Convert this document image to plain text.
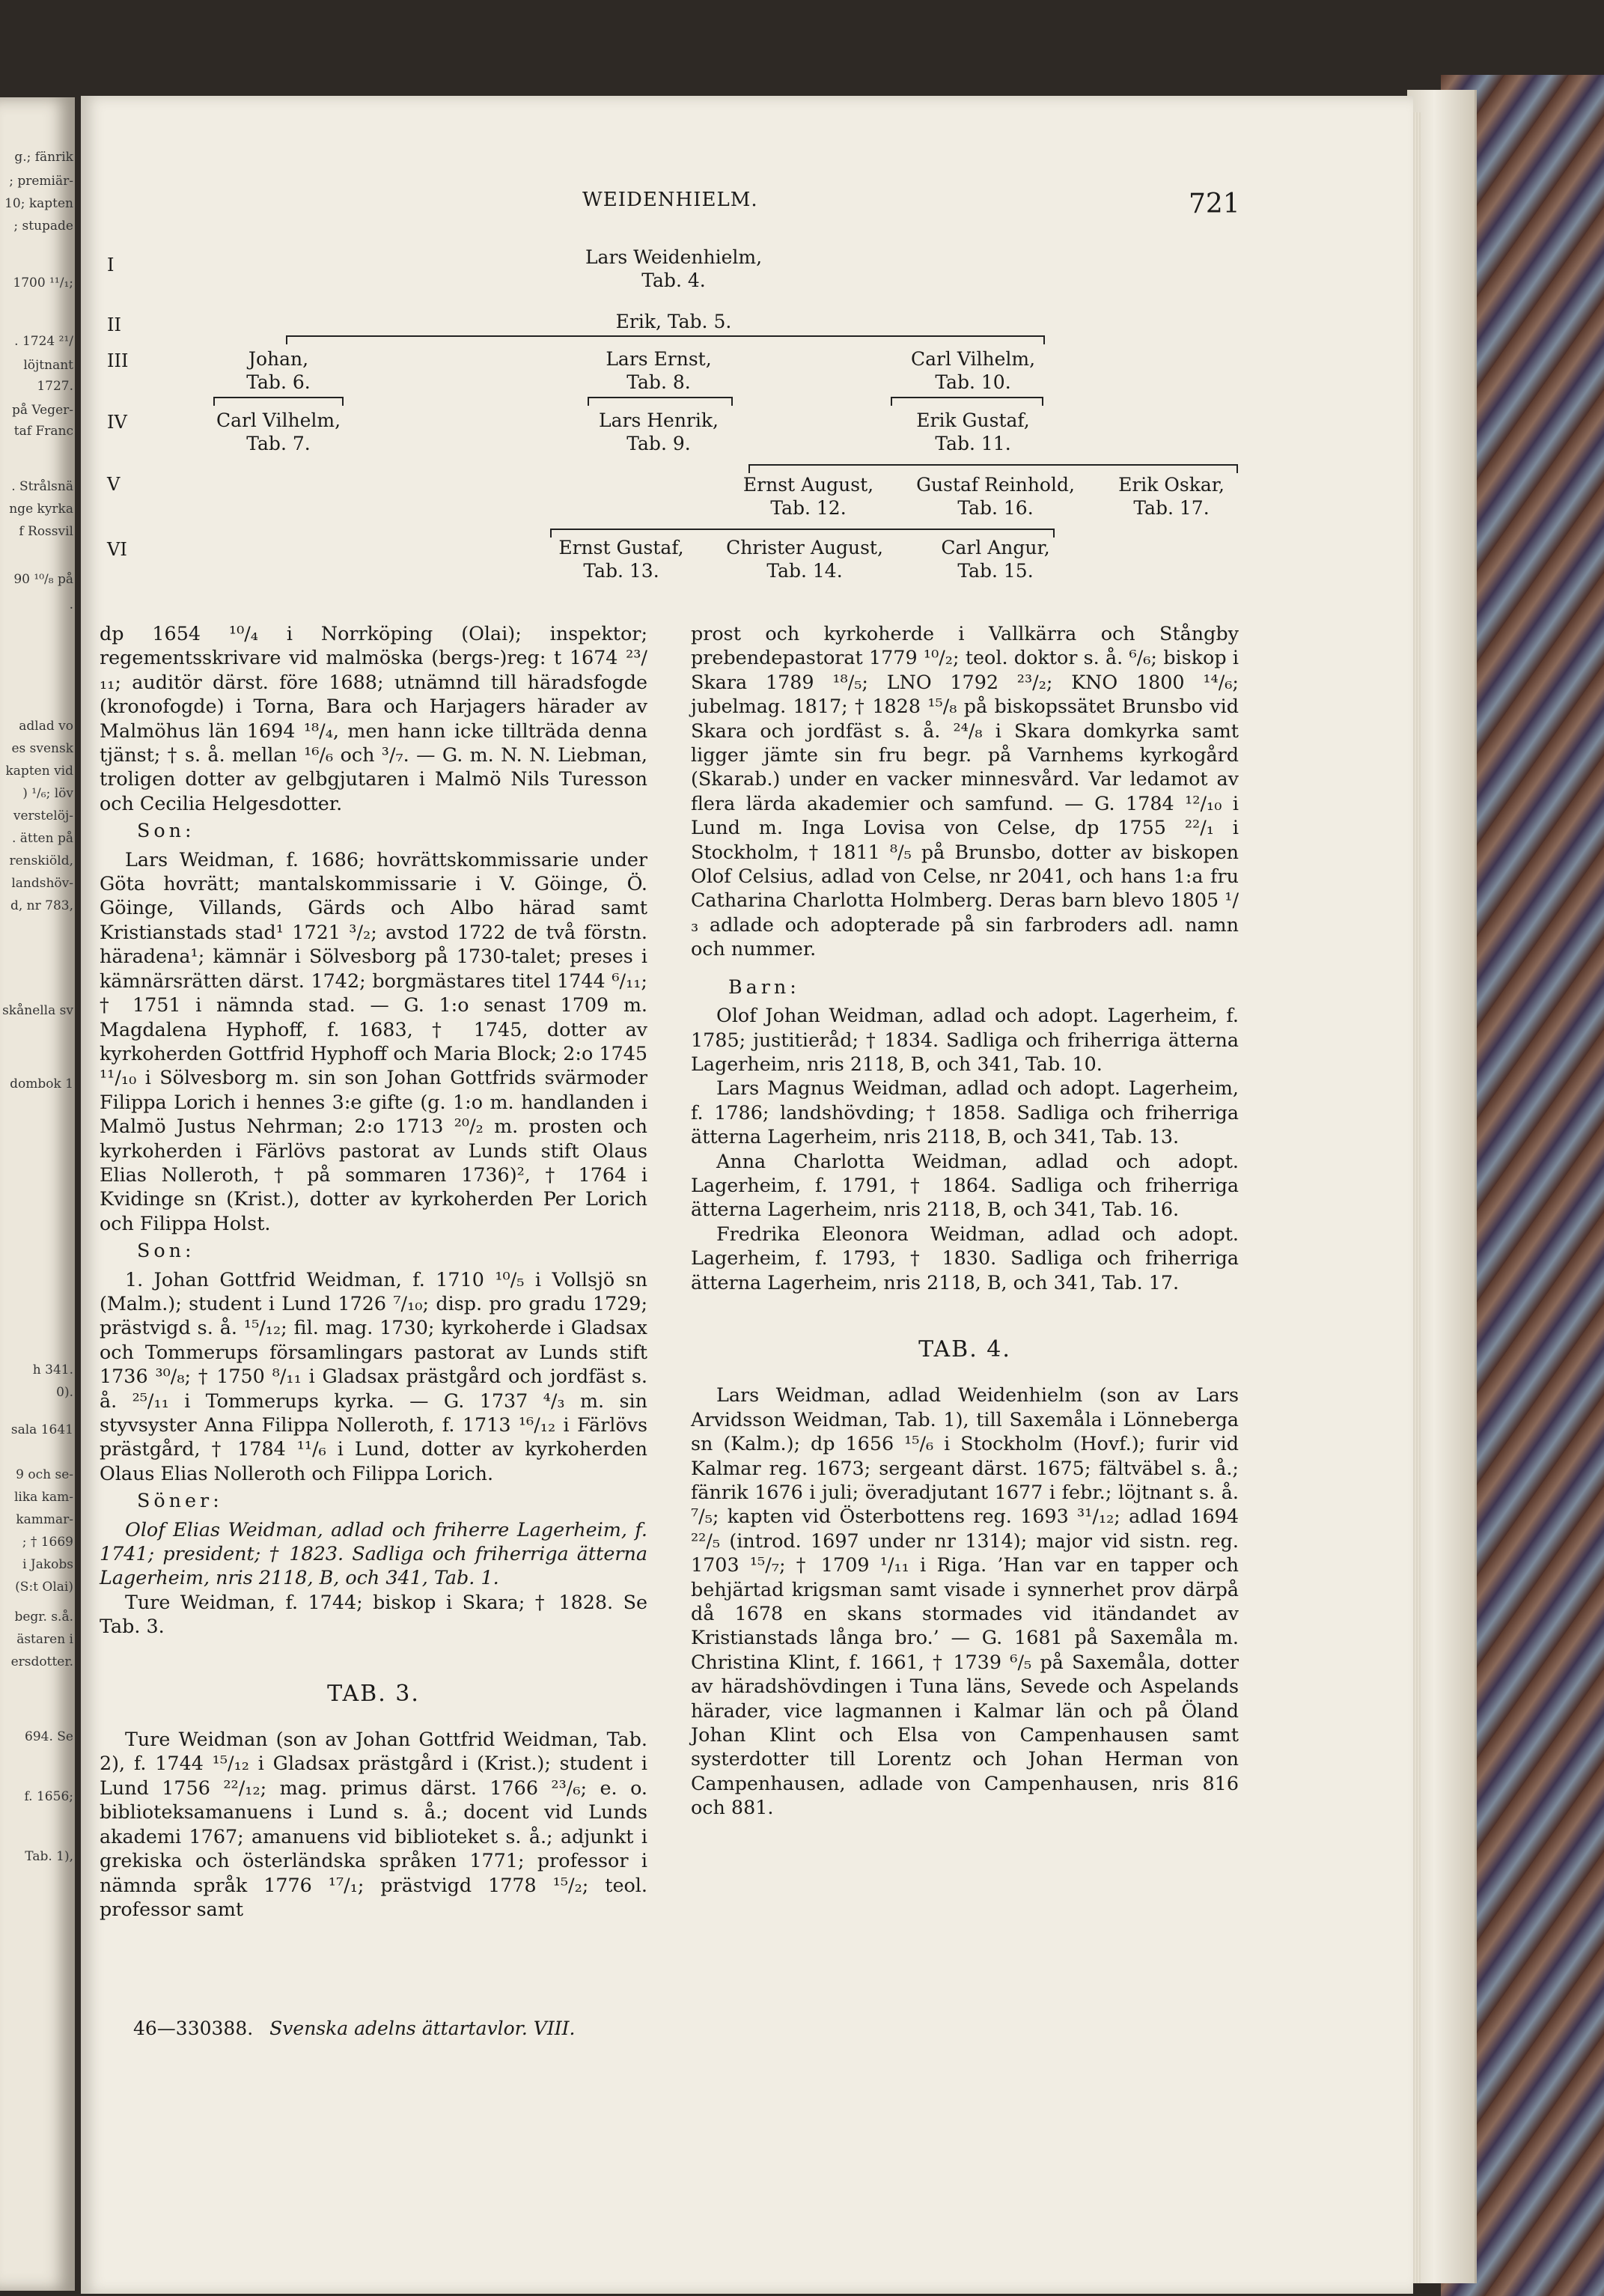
g.; fänrik
; premiär-
10; kapten
; stupade
1700 ¹¹/₁;
. 1724 ²¹/
löjtnant
1727.
på Veger-
taf Franc
. Strålsnä
nge kyrka
f Rossvil
90 ¹⁰/₈ på
.
adlad vo
es svensk
kapten vid
) ¹/₆; löv
verstelöj-
. ätten på
renskiöld,
landshöv-
d, nr 783,
skånella sv
dombok 1
h 341.
0).
sala 1641
9 och se-
lika kam-
kammar-
; † 1669
i Jakobs
(S:t Olai)
begr. s.å.
ästaren i
ersdotter.
694. Se
f. 1656;
Tab. 1),
WEIDENHIELM.	721
I
II
III
IV
V
VI
Lars Weidenhielm,
Tab. 4.
Erik, Tab. 5.
Johan,
Tab. 6.
Lars Ernst,
Tab. 8.
Carl Vilhelm,
Tab. 10.
Carl Vilhelm,
Tab. 7.
Lars Henrik,
Tab. 9.
Erik Gustaf,
Tab. 11.
Ernst August,
Tab. 12.
Gustaf Reinhold,
Tab. 16.
Erik Oskar,
Tab. 17.
Ernst Gustaf,
Tab. 13.
Christer August,
Tab. 14.
Carl Angur,
Tab. 15.

dp 1654 ¹⁰/₄ i Norrköping (Olai); inspektor; regementsskrivare vid malmöska (bergs-)reg: t 1674 ²³/₁₁; auditör därst. före 1688; utnämnd till häradsfogde (kronofogde) i Torna, Bara och Harjagers härader av Malmöhus län 1694 ¹⁸/₄, men hann icke tillträda denna tjänst; † s. å. mellan ¹⁶/₆ och ³/₇. — G. m. N. N. Liebman, troligen dotter av gelbgjutaren i Malmö Nils Turesson och Cecilia Helgesdotter.

Son:

Lars Weidman, f. 1686; hovrättskommissarie under Göta hovrätt; mantalskommissarie i V. Göinge, Ö. Göinge, Villands, Gärds och Albo härad samt Kristianstads stad¹ 1721 ³/₂; avstod 1722 de två förstn. häradena¹; kämnär i Sölvesborg på 1730-talet; preses i kämnärsrätten därst. 1742; borgmästares titel 1744 ⁶/₁₁; † 1751 i nämnda stad. — G. 1:o senast 1709 m. Magdalena Hyphoff, f. 1683, † 1745, dotter av kyrkoherden Gottfrid Hyphoff och Maria Block; 2:o 1745 ¹¹/₁₀ i Sölvesborg m. sin son Johan Gottfrids svärmoder Filippa Lorich i hennes 3:e gifte (g. 1:o m. handlanden i Malmö Justus Nehrman; 2:o 1713 ²⁰/₂ m. prosten och kyrkoherden i Färlövs pastorat av Lunds stift Olaus Elias Nolleroth, † på sommaren 1736)², † 1764 i Kvidinge sn (Krist.), dotter av kyrkoherden Per Lorich och Filippa Holst.

Son:

1. Johan Gottfrid Weidman, f. 1710 ¹⁰/₅ i Vollsjö sn (Malm.); student i Lund 1726 ⁷/₁₀; disp. pro gradu 1729; prästvigd s. å. ¹⁵/₁₂; fil. mag. 1730; kyrkoherde i Gladsax och Tommerups församlingars pastorat av Lunds stift 1736 ³⁰/₈; † 1750 ⁸/₁₁ i Gladsax prästgård och jordfäst s. å. ²⁵/₁₁ i Tommerups kyrka. — G. 1737 ⁴/₃ m. sin styvsyster Anna Filippa Nolleroth, f. 1713 ¹⁶/₁₂ i Färlövs prästgård, † 1784 ¹¹/₆ i Lund, dotter av kyrkoherden Olaus Elias Nolleroth och Filippa Lorich.

Söner:

Olof Elias Weidman, adlad och friherre Lagerheim, f. 1741; president; † 1823. Sadliga och friherriga ätterna Lagerheim, nris 2118, B, och 341, Tab. 1.

Ture Weidman, f. 1744; biskop i Skara; † 1828. Se Tab. 3.

TAB. 3.

Ture Weidman (son av Johan Gottfrid Weidman, Tab. 2), f. 1744 ¹⁵/₁₂ i Gladsax prästgård i (Krist.); student i Lund 1756 ²²/₁₂; mag. primus därst. 1766 ²³/₆; e. o. biblioteksamanuens i Lund s. å.; docent vid Lunds akademi 1767; amanuens vid biblioteket s. å.; adjunkt i grekiska och österländska språken 1771; professor i nämnda språk 1776 ¹⁷/₁; prästvigd 1778 ¹⁵/₂; teol. professor samt

prost och kyrkoherde i Vallkärra och Stångby prebendepastorat 1779 ¹⁰/₂; teol. doktor s. å. ⁶/₆; biskop i Skara 1789 ¹⁸/₅; LNO 1792 ²³/₂; KNO 1800 ¹⁴/₆; jubelmag. 1817; † 1828 ¹⁵/₈ på biskopssätet Brunsbo vid Skara och jordfäst s. å. ²⁴/₈ i Skara domkyrka samt ligger jämte sin fru begr. på Varnhems kyrkogård (Skarab.) under en vacker minnesvård. Var ledamot av flera lärda akademier och samfund. — G. 1784 ¹²/₁₀ i Lund m. Inga Lovisa von Celse, dp 1755 ²²/₁ i Stockholm, † 1811 ⁸/₅ på Brunsbo, dotter av biskopen Olof Celsius, adlad von Celse, nr 2041, och hans 1:a fru Catharina Charlotta Holmberg. Deras barn blevo 1805 ¹/₃ adlade och adopterade på sin farbroders adl. namn och nummer.

Barn:

Olof Johan Weidman, adlad och adopt. Lagerheim, f. 1785; justitieråd; † 1834. Sadliga och friherriga ätterna Lagerheim, nris 2118, B, och 341, Tab. 10.

Lars Magnus Weidman, adlad och adopt. Lagerheim, f. 1786; landshövding; † 1858. Sadliga och friherriga ätterna Lagerheim, nris 2118, B, och 341, Tab. 13.

Anna Charlotta Weidman, adlad och adopt. Lagerheim, f. 1791, † 1864. Sadliga och friherriga ätterna Lagerheim, nris 2118, B, och 341, Tab. 16.

Fredrika Eleonora Weidman, adlad och adopt. Lagerheim, f. 1793, † 1830. Sadliga och friherriga ätterna Lagerheim, nris 2118, B, och 341, Tab. 17.

TAB. 4.

Lars Weidman, adlad Weidenhielm (son av Lars Arvidsson Weidman, Tab. 1), till Saxemåla i Lönneberga sn (Kalm.); dp 1656 ¹⁵/₆ i Stockholm (Hovf.); furir vid Kalmar reg. 1673; sergeant därst. 1675; fältväbel s. å.; fänrik 1676 i juli; överadjutant 1677 i febr.; löjtnant s. å. ⁷/₅; kapten vid Österbottens reg. 1693 ³¹/₁₂; adlad 1694 ²²/₅ (introd. 1697 under nr 1314); major vid sistn. reg. 1703 ¹⁵/₇; † 1709 ¹/₁₁ i Riga. ’Han var en tapper och behjärtad krigsman samt visade i synnerhet prov därpå då 1678 en skans stormades vid itändandet av Kristianstads långa bro.’ — G. 1681 på Saxemåla m. Christina Klint, f. 1661, † 1739 ⁶/₅ på Saxemåla, dotter av häradshövdingen i Tuna läns, Sevede och Aspelands härader, vice lagmannen i Kalmar län och på Öland Johan Klint och Elsa von Campenhausen samt systerdotter till Lorentz och Johan Herman von Campenhausen, adlade von Campenhausen, nris 816 och 881.

46—330388. Svenska adelns ättartavlor. VIII.
